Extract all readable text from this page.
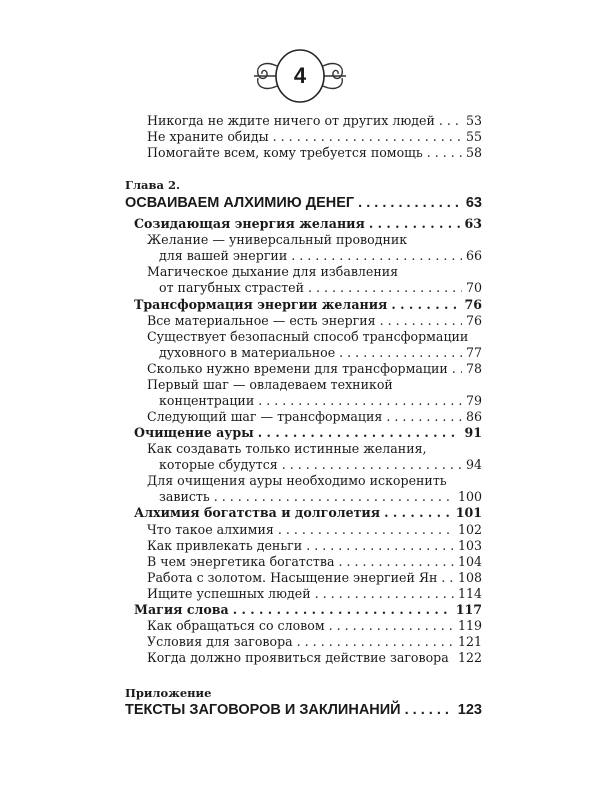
4
Никогда не ждите ничего от других людей . . . 53
Не храните обиды . . .	55
Помогайте всем, кому требуется помощь . . .	58
Глава 2.
ОСВАИВАЕМ АЛХИМИЮ ДЕНЕГ . . .	63
Созидающая энергия желания . . .	63
Желание — универсальный проводник
для вашей энергии . . .	66
Магическое дыхание для избавления
от пагубных страстей . . .	70
Трансформация энергии желания . . .	76
Все материальное — есть энергия . . .	76
Существует безопасный способ трансформации
духовного в материальное . . .	77
Сколько нужно времени для трансформации . . . 78
Первый шаг — овладеваем техникой
концентрации . . .	79
Следующий шаг — трансформация . . .	86
Очищение ауры . . .	91
Как создавать только истинные желания,
которые сбудутся . . .	94
Для очищения ауры необходимо искоренить
зависть . . .	100
Алхимия богатства и долголетия . . .	101
Что такое алхимия . . .	102
Как привлекать деньги . . .	103
В чем энергетика богатства . . .	104
Работа с золотом. Насыщение энергией Ян . . . 108
Ищите успешных людей . . .	114
Магия слова . . .	117
Как обращаться со словом . . .	119
Условия для заговора . . .	121
Когда должно проявиться действие заговора . . . 122
Приложение
ТЕКСТЫ ЗАГОВОРОВ И ЗАКЛИНАНИЙ . . .	123
